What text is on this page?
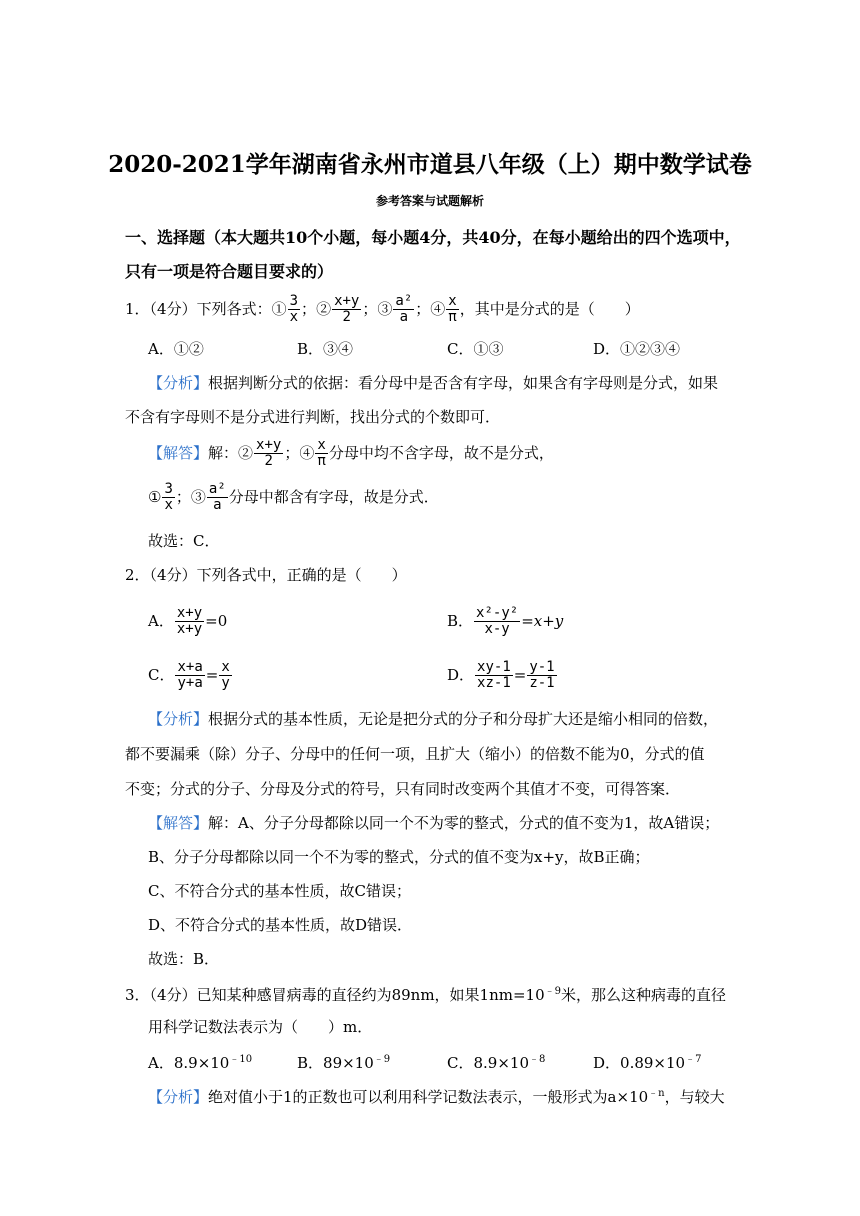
2020-2021学年湖南省永州市道县八年级（上）期中数学试卷
参考答案与试题解析
一、选择题（本大题共10个小题，每小题4分，共40分，在每小题给出的四个选项中，
只有一项是符合题目要求的）
1．（4分）下列各式：① $\frac{3}{x}$ ；② $\frac{x+y}{2}$ ；③ $\frac{\text{a²}}{a}$ ；④ $\frac{x}{\pi}$ ，其中是分式的是（　　）
A．①②	B．③④	C．①③	D．①②③④
【分析】根据判断分式的依据：看分母中是否含有字母，如果含有字母则是分式，如果
不含有字母则不是分式进行判断，找出分式的个数即可．
【解答】解：② $\frac{x+y}{2}$ ；④ $\frac{x}{\pi}$ 分母中均不含字母，故不是分式，
① $\frac{3}{x}$ ；③ $\frac{\text{a²}}{a}$ 分母中都含有字母，故是分式．
故选：C．
2．（4分）下列各式中，正确的是（　　）
A． $\frac{x+y}{x+y} =0$	B． $\frac{\text{x²-y²}}{x-y} =x+y$
C． $\frac{x+a}{y+a} = \frac{x}{y}$	D． $\frac{xy-1}{xz-1} = \frac{y-1}{z-1}$
【分析】根据分式的基本性质，无论是把分式的分子和分母扩大还是缩小相同的倍数，
都不要漏乘（除）分子、分母中的任何一项，且扩大（缩小）的倍数不能为0，分式的值
不变；分式的分子、分母及分式的符号，只有同时改变两个其值才不变，可得答案．
【解答】解：A、分子分母都除以同一个不为零的整式，分式的值不变为1，故A错误；
B、分子分母都除以同一个不为零的整式，分式的值不变为x+y，故B正确；
C、不符合分式的基本性质，故C错误；
D、不符合分式的基本性质，故D错误．
故选：B．
3．（4分）已知某种感冒病毒的直径约为89nm，如果$1nm=10^{﹣9}$米，那么这种病毒的直径
用科学记数法表示为（　　）m．
A．$8.9\times 10^{﹣10}$	B．$89\times 10^{﹣9}$	C．$8.9\times 10^{﹣8}$	D．$0.89\times 10^{﹣7}$
【分析】绝对值小于1的正数也可以利用科学记数法表示，一般形式为$a\times 10^{﹣n}$，与较大
